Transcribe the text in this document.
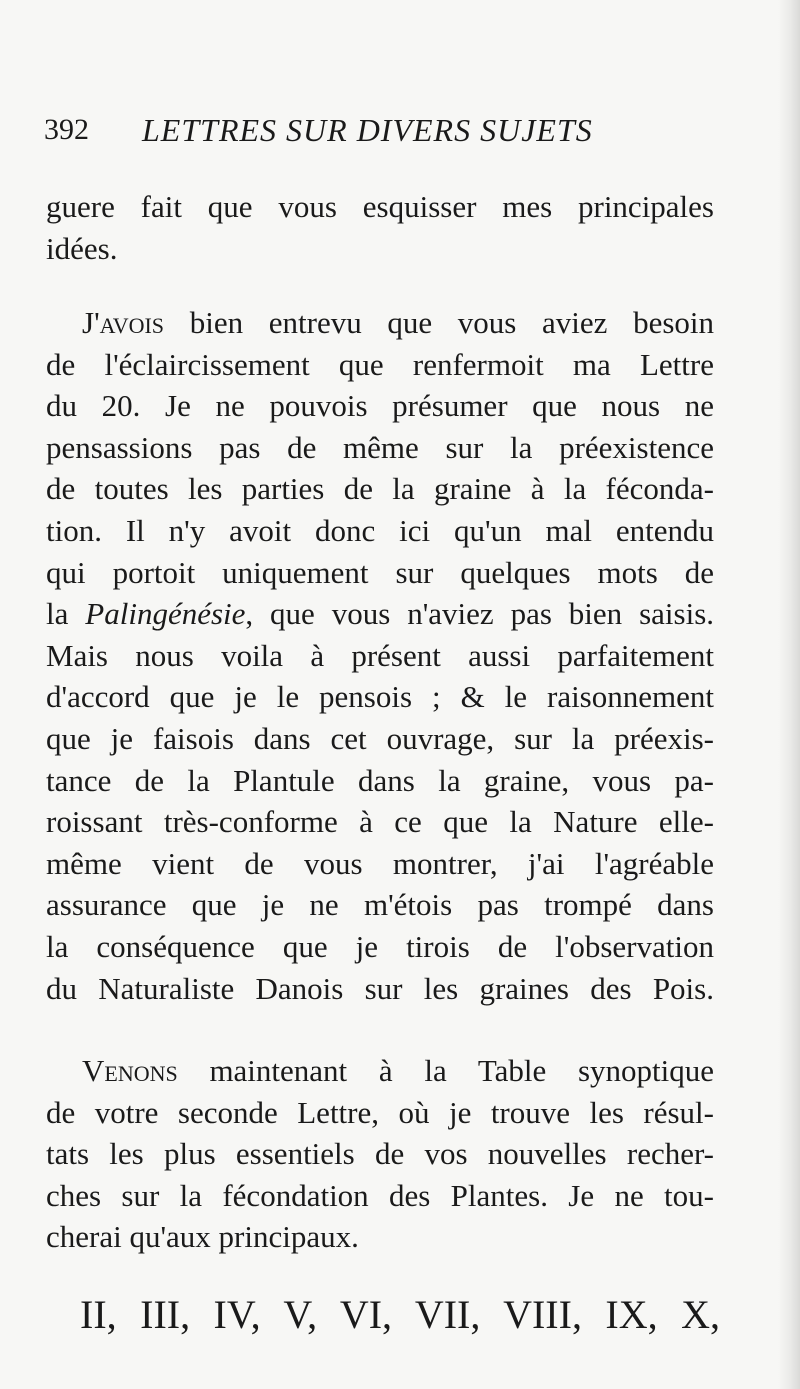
392 LETTRES SUR DIVERS SUJETS
guere fait que vous esquisser mes principales
idées.
J'avois bien entrevu que vous aviez besoin
de l'éclaircissement que renfermoit ma Lettre
du 20. Je ne pouvois présumer que nous ne
pensassions pas de même sur la préexistence
de toutes les parties de la graine à la féconda-
tion. Il n'y avoit donc ici qu'un mal entendu
qui portoit uniquement sur quelques mots de
la Palingénésie, que vous n'aviez pas bien saisis.
Mais nous voila à présent aussi parfaitement
d'accord que je le pensois ; & le raisonnement
que je faisois dans cet ouvrage, sur la préexis-
tance de la Plantule dans la graine, vous pa-
roissant très-conforme à ce que la Nature elle-
même vient de vous montrer, j'ai l'agréable
assurance que je ne m'étois pas trompé dans
la conséquence que je tirois de l'observation
du Naturaliste Danois sur les graines des Pois.
Venons maintenant à la Table synoptique
de votre seconde Lettre, où je trouve les résul-
tats les plus essentiels de vos nouvelles recher-
ches sur la fécondation des Plantes. Je ne tou-
cherai qu'aux principaux.
II, III, IV, V, VI, VII, VIII, IX, X,
